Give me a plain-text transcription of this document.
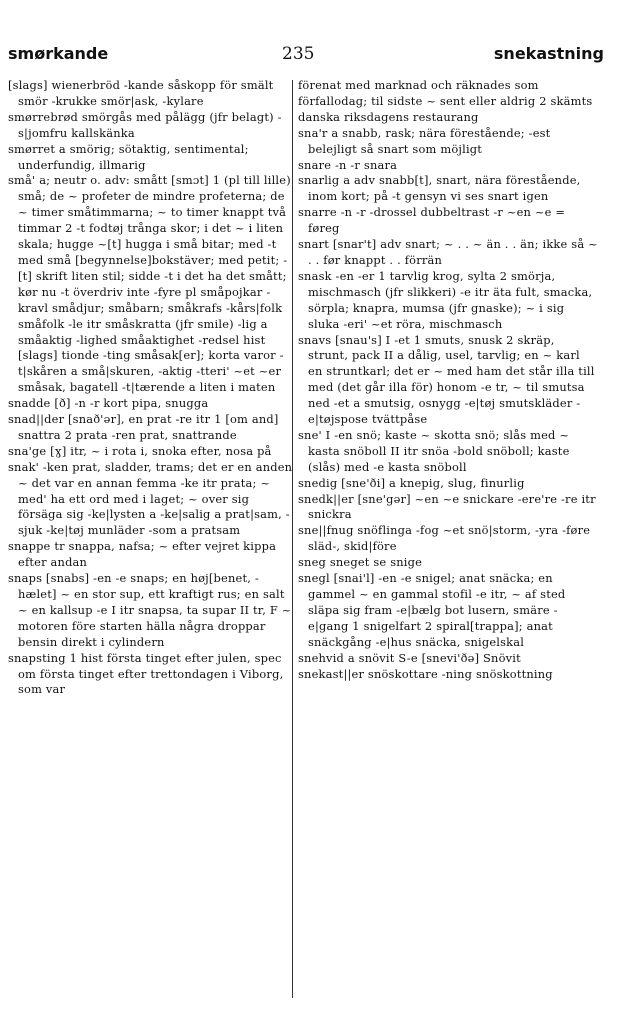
smørkande	235	snekastning

[slags] wienerbröd -kande såskopp för smält smör -krukke smör|ask, -kylare

smørrebrød smörgås med pålägg (jfr belagt) -s|jomfru kallskänka

smørret a smörig; sötaktig, sentimental; underfundig, illmarig

små' a; neutr o. adv: smått [smɔt] 1 (pl till lille) små; de ~ profeter de mindre profeterna; de ~ timer småtimmarna; ~ to timer knappt två timmar 2 -t fodtøj trånga skor; i det ~ i liten skala; hugge ~[t] hugga i små bitar; med -t med små [begynnelse]bokstäver; med petit; -[t] skrift liten stil; sidde -t i det ha det smått; kør nu -t överdriv inte -fyre pl småpojkar -kravl smådjur; småbarn; småkrafs -kårs|folk småfolk -le itr småskratta (jfr smile) -lig a småaktig -lighed småaktighet -redsel hist [slags] tionde -ting småsak[er]; korta varor -t|skåren a små|skuren, -aktig -tteri' ~et ~er småsak, bagatell -t|tærende a liten i maten

snadde [ð] -n -r kort pipa, snugga

snad||der [snað'ər], en prat -re itr 1 [om and] snattra 2 prata -ren prat, snattrande

sna'ge [ɣ] itr, ~ i rota i, snoka efter, nosa på

snak' -ken prat, sladder, trams; det er en anden ~ det var en annan femma -ke itr prata; ~ med' ha ett ord med i laget; ~ over sig försäga sig -ke|lysten a -ke|salig a prat|sam, -sjuk -ke|tøj munläder -som a pratsam

snappe tr snappa, nafsa; ~ efter vejret kippa efter andan

snaps [snabs] -en -e snaps; en høj[benet, -hælet] ~ en stor sup, ett kraftigt rus; en salt ~ en kallsup -e I itr snapsa, ta supar II tr, F ~ motoren före starten hälla några droppar bensin direkt i cylindern

snapsting 1 hist första tinget efter julen, spec om första tinget efter trettondagen i Viborg, som var

förenat med marknad och räknades som förfallodag; til sidste ~ sent eller aldrig 2 skämts danska riksdagens restaurang

sna'r a snabb, rask; nära förestående; -est belejligt så snart som möjligt

snare -n -r snara

snarlig a adv snabb[t], snart, nära förestående, inom kort; på -t gensyn vi ses snart igen

snarre -n -r -drossel dubbeltrast -r ~en ~e = føreg

snart [snar't] adv snart; ~ . . ~ än . . än; ikke så ~ . . før knappt . . förrän

snask -en -er 1 tarvlig krog, sylta 2 smörja, mischmasch (jfr slikkeri) -e itr äta fult, smacka, sörpla; knapra, mumsa (jfr gnaske); ~ i sig sluka -eri' ~et röra, mischmasch

snavs [snau's] I -et 1 smuts, snusk 2 skräp, strunt, pack II a dålig, usel, tarvlig; en ~ karl en struntkarl; det er ~ med ham det står illa till med (det går illa för) honom -e tr, ~ til smutsa ned -et a smutsig, osnygg -e|tøj smutskläder -e|tøjspose tvättpåse

sne' I -en snö; kaste ~ skotta snö; slås med ~ kasta snöboll II itr snöa -bold snöboll; kaste (slås) med -e kasta snöboll

snedig [sne'ði] a knepig, slug, finurlig

snedk||er [sne'gər] ~en ~e snickare -ere're -re itr snickra

sne||fnug snöflinga -fog ~et snö|storm, -yra -føre släd-, skid|före

sneg sneget se snige

snegl [snai'l] -en -e snigel; anat snäcka; en gammel ~ en gammal stofil -e itr, ~ af sted släpa sig fram -e|bælg bot lusern, smäre -e|gang 1 snigelfart 2 spiral[trappa]; anat snäckgång -e|hus snäcka, snigelskal

snehvid a snövit S-e [snevi'ðə] Snövit

snekast||er snöskottare -ning snöskottning
